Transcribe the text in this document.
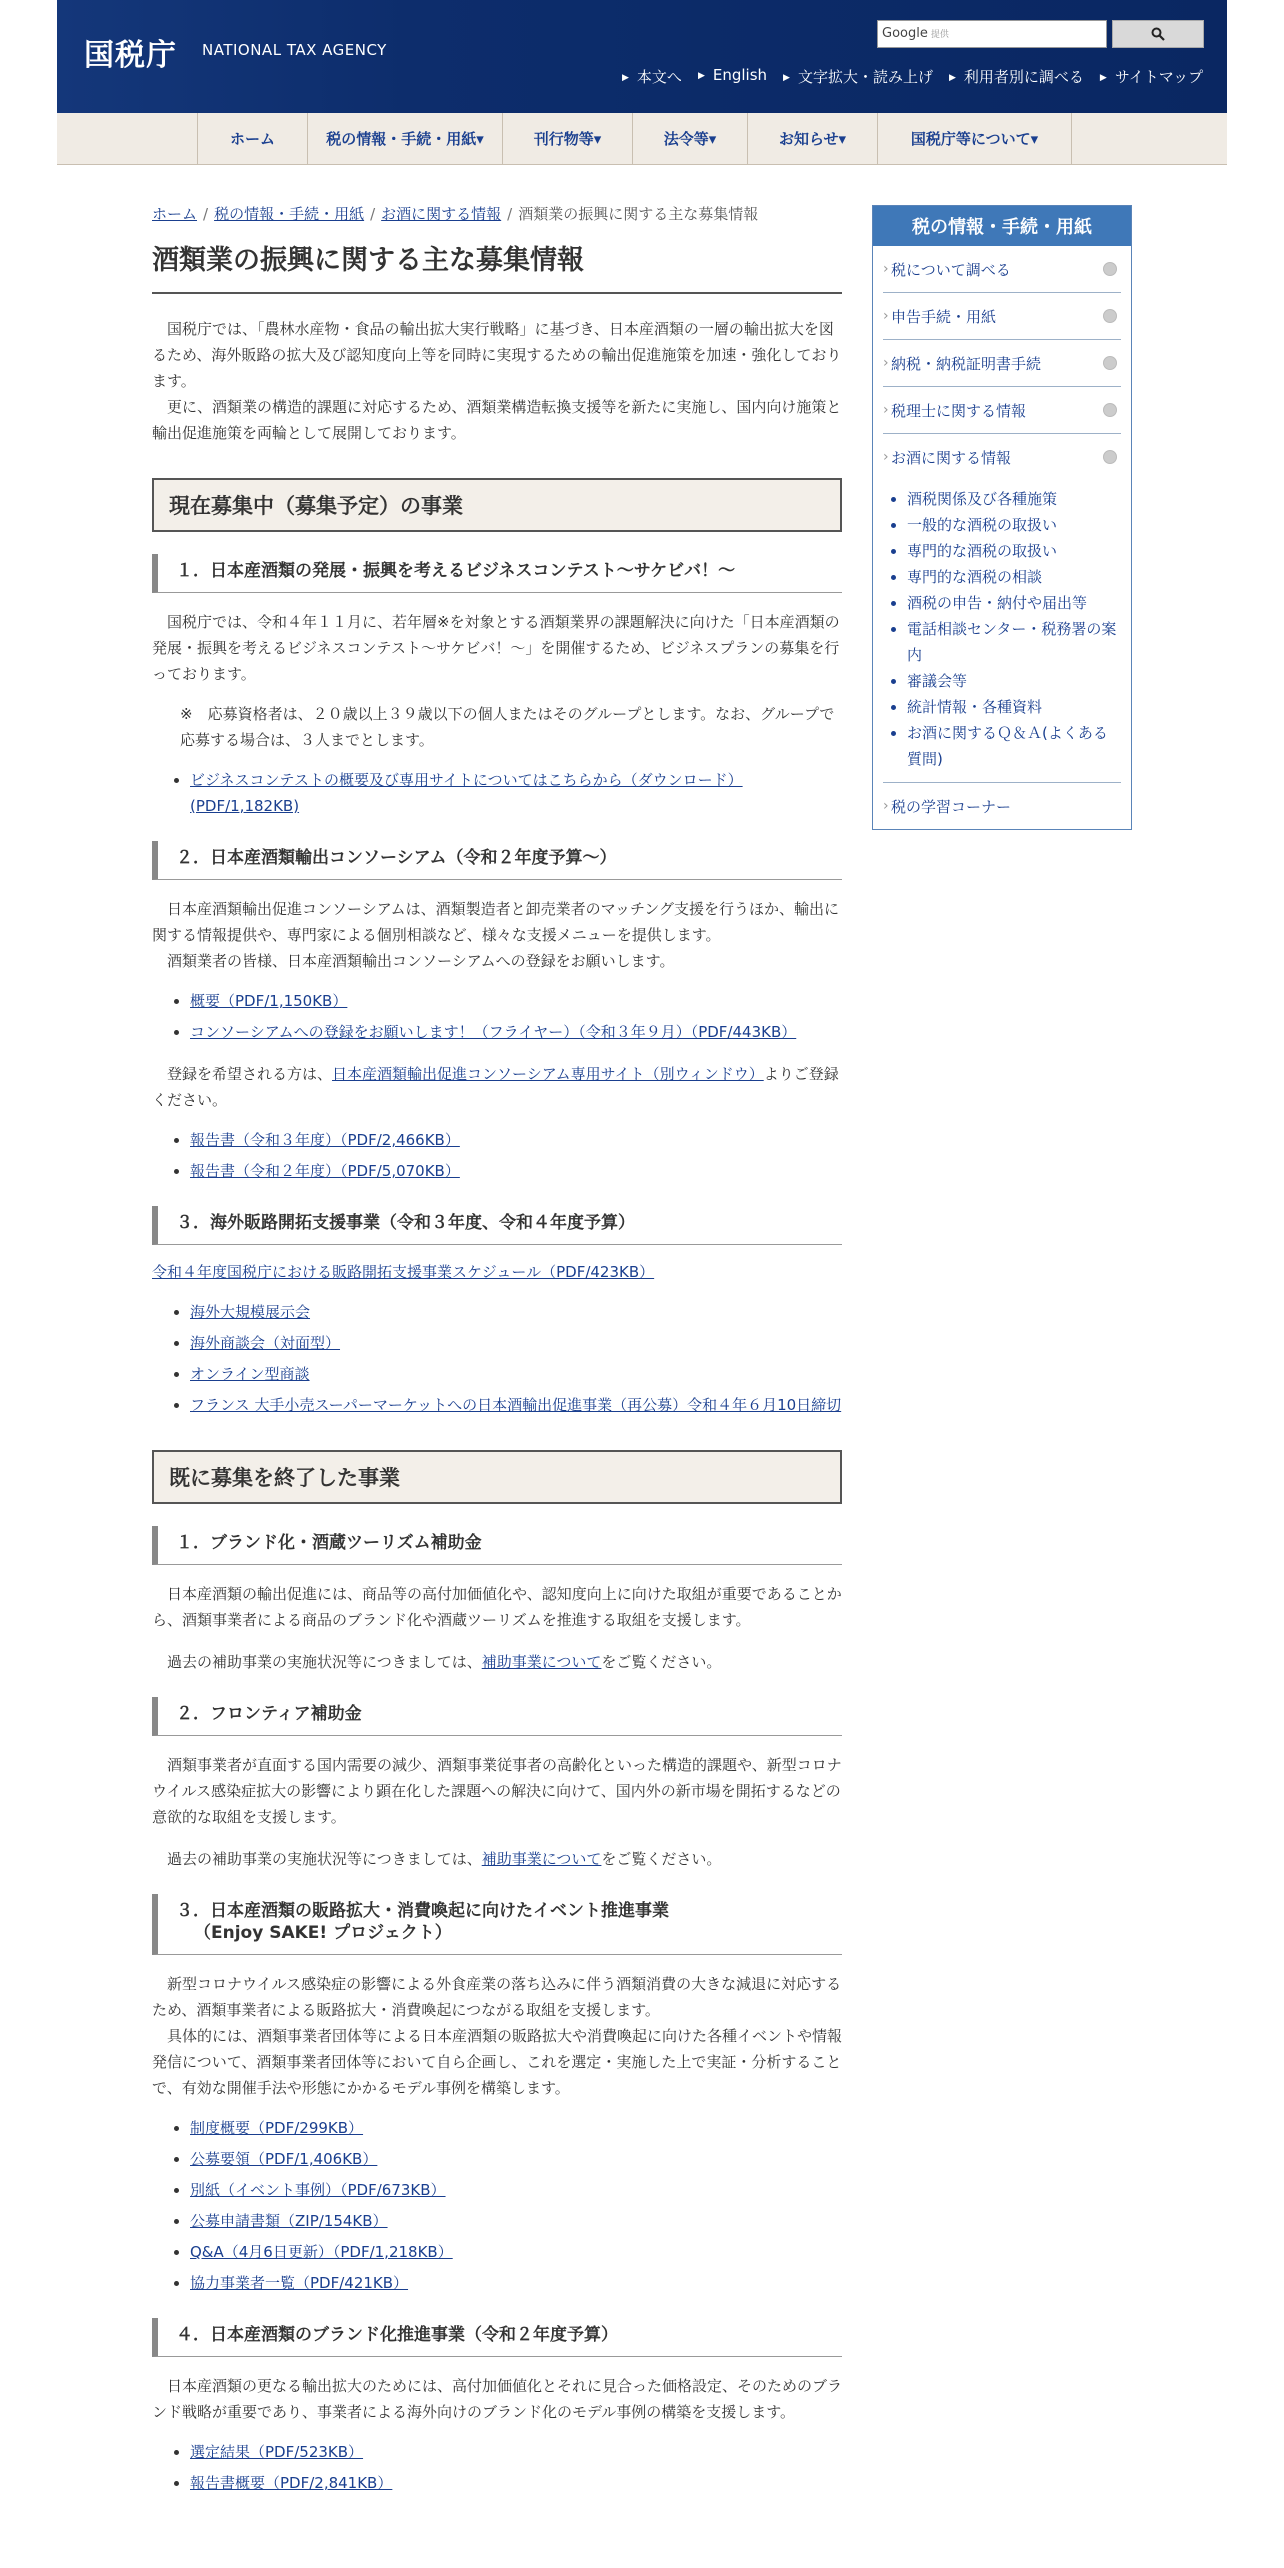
国税庁 NATIONAL TAX AGENCY
Google 提供
▶ 本文へ	▶ English	▶ 文字拡大・読み上げ	▶ 利用者別に調べる	▶ サイトマップ
ホーム	税の情報・手続・用紙▾	刊行物等▾	法令等▾	お知らせ▾	国税庁等について▾
ホーム / 税の情報・手続・用紙 / お酒に関する情報 / 酒類業の振興に関する主な募集情報
酒類業の振興に関する主な募集情報

国税庁では、「農林水産物・食品の輸出拡大実行戦略」に基づき、日本産酒類の一層の輸出拡大を図るため、海外販路の拡大及び認知度向上等を同時に実現するための輸出促進施策を加速・強化しております。

更に、酒類業の構造的課題に対応するため、酒類業構造転換支援等を新たに実施し、国内向け施策と輸出促進施策を両輪として展開しております。

現在募集中（募集予定）の事業
１．日本産酒類の発展・振興を考えるビジネスコンテスト～サケビバ！～

国税庁では、令和４年１１月に、若年層※を対象とする酒類業界の課題解決に向けた「日本産酒類の発展・振興を考えるビジネスコンテスト～サケビバ！～」を開催するため、ビジネスプランの募集を行っております。

※　応募資格者は、２０歳以上３９歳以下の個人またはそのグループとします。なお、グループで応募する場合は、３人までとします。

• ビジネスコンテストの概要及び専用サイトについてはこちらから（ダウンロード）(PDF/1,182KB)
２．日本産酒類輸出コンソーシアム（令和２年度予算～）

日本産酒類輸出促進コンソーシアムは、酒類製造者と卸売業者のマッチング支援を行うほか、輸出に関する情報提供や、専門家による個別相談など、様々な支援メニューを提供します。

酒類業者の皆様、日本産酒類輸出コンソーシアムへの登録をお願いします。

• 概要（PDF/1,150KB）
• コンソーシアムへの登録をお願いします！（フライヤー）（令和３年９月）（PDF/443KB）

登録を希望される方は、日本産酒類輸出促進コンソーシアム専用サイト（別ウィンドウ）よりご登録ください。

• 報告書（令和３年度）（PDF/2,466KB）
• 報告書（令和２年度）（PDF/5,070KB）
３．海外販路開拓支援事業（令和３年度、令和４年度予算）
令和４年度国税庁における販路開拓支援事業スケジュール（PDF/423KB）
• 海外大規模展示会
• 海外商談会（対面型）
• オンライン型商談
• フランス 大手小売スーパーマーケットへの日本酒輸出促進事業（再公募）令和４年６月10日締切
既に募集を終了した事業
１．ブランド化・酒蔵ツーリズム補助金

日本産酒類の輸出促進には、商品等の高付加価値化や、認知度向上に向けた取組が重要であることから、酒類事業者による商品のブランド化や酒蔵ツーリズムを推進する取組を支援します。

過去の補助事業の実施状況等につきましては、補助事業についてをご覧ください。

２．フロンティア補助金

酒類事業者が直面する国内需要の減少、酒類事業従事者の高齢化といった構造的課題や、新型コロナウイルス感染症拡大の影響により顕在化した課題への解決に向けて、国内外の新市場を開拓するなどの意欲的な取組を支援します。

過去の補助事業の実施状況等につきましては、補助事業についてをご覧ください。

３．日本産酒類の販路拡大・消費喚起に向けたイベント推進事業
（Enjoy SAKE! プロジェクト）

新型コロナウイルス感染症の影響による外食産業の落ち込みに伴う酒類消費の大きな減退に対応するため、酒類事業者による販路拡大・消費喚起につながる取組を支援します。

具体的には、酒類事業者団体等による日本産酒類の販路拡大や消費喚起に向けた各種イベントや情報発信について、酒類事業者団体等において自ら企画し、これを選定・実施した上で実証・分析することで、有効な開催手法や形態にかかるモデル事例を構築します。

• 制度概要（PDF/299KB）
• 公募要領（PDF/1,406KB）
• 別紙（イベント事例）（PDF/673KB）
• 公募申請書類（ZIP/154KB）
• Q&A（4月6日更新）（PDF/1,218KB）
• 協力事業者一覧（PDF/421KB）
４．日本産酒類のブランド化推進事業（令和２年度予算）

日本産酒類の更なる輸出拡大のためには、高付加価値化とそれに見合った価格設定、そのためのブランド戦略が重要であり、事業者による海外向けのブランド化のモデル事例の構築を支援します。

• 選定結果（PDF/523KB）
• 報告書概要（PDF/2,841KB）
税の情報・手続・用紙
› 税について調べる
› 申告手続・用紙
› 納税・納税証明書手続
› 税理士に関する情報
› お酒に関する情報
• 酒税関係及び各種施策
• 一般的な酒税の取扱い
• 専門的な酒税の取扱い
• 専門的な酒税の相談
• 酒税の申告・納付や届出等
• 電話相談センター・税務署の案内
• 審議会等
• 統計情報・各種資料
• お酒に関するＱ＆Ａ(よくある質問)
› 税の学習コーナー
